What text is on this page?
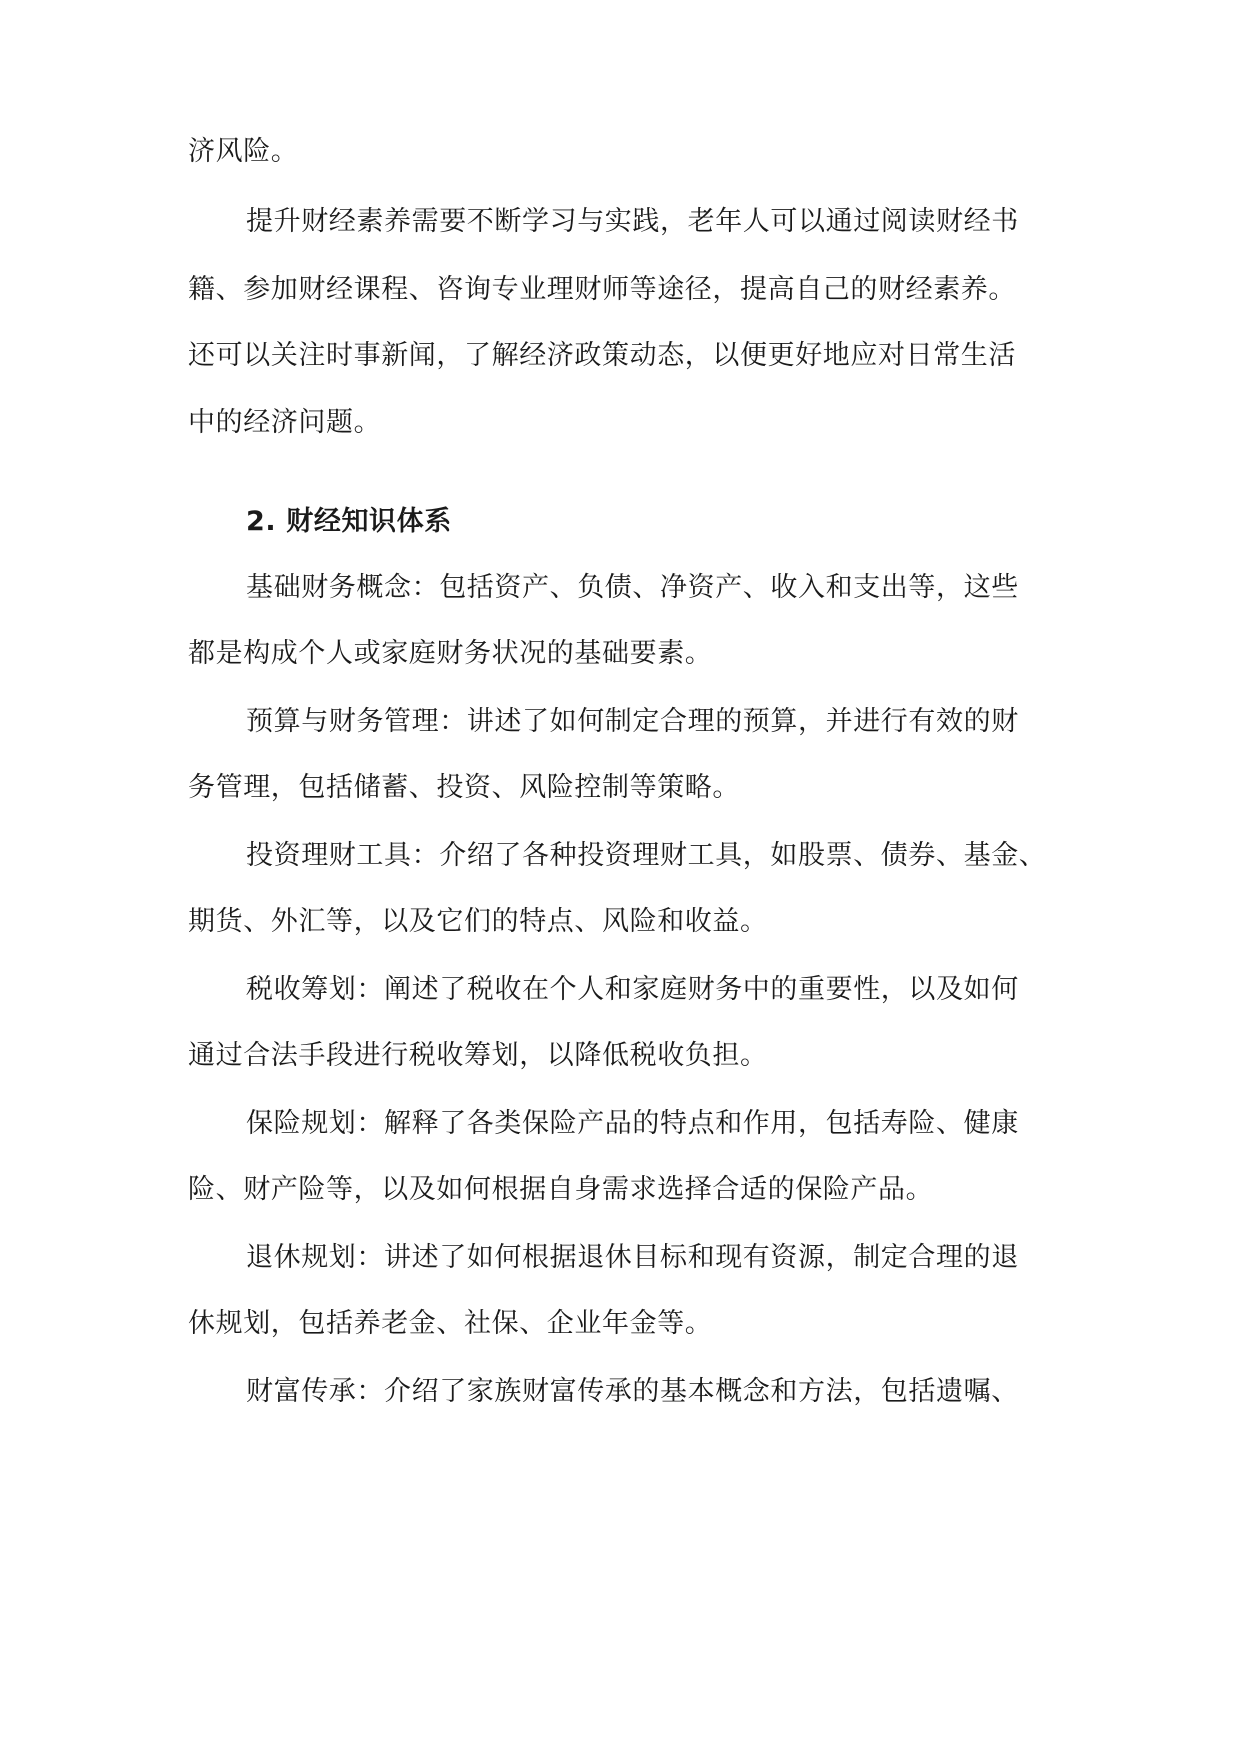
济风险。
提升财经素养需要不断学习与实践，老年人可以通过阅读财经书
籍、参加财经课程、咨询专业理财师等途径，提高自己的财经素养。
还可以关注时事新闻，了解经济政策动态，以便更好地应对日常生活
中的经济问题。
2. 财经知识体系
基础财务概念：包括资产、负债、净资产、收入和支出等，这些
都是构成个人或家庭财务状况的基础要素。
预算与财务管理：讲述了如何制定合理的预算，并进行有效的财
务管理，包括储蓄、投资、风险控制等策略。
投资理财工具：介绍了各种投资理财工具，如股票、债券、基金、
期货、外汇等，以及它们的特点、风险和收益。
税收筹划：阐述了税收在个人和家庭财务中的重要性，以及如何
通过合法手段进行税收筹划，以降低税收负担。
保险规划：解释了各类保险产品的特点和作用，包括寿险、健康
险、财产险等，以及如何根据自身需求选择合适的保险产品。
退休规划：讲述了如何根据退休目标和现有资源，制定合理的退
休规划，包括养老金、社保、企业年金等。
财富传承：介绍了家族财富传承的基本概念和方法，包括遗嘱、
